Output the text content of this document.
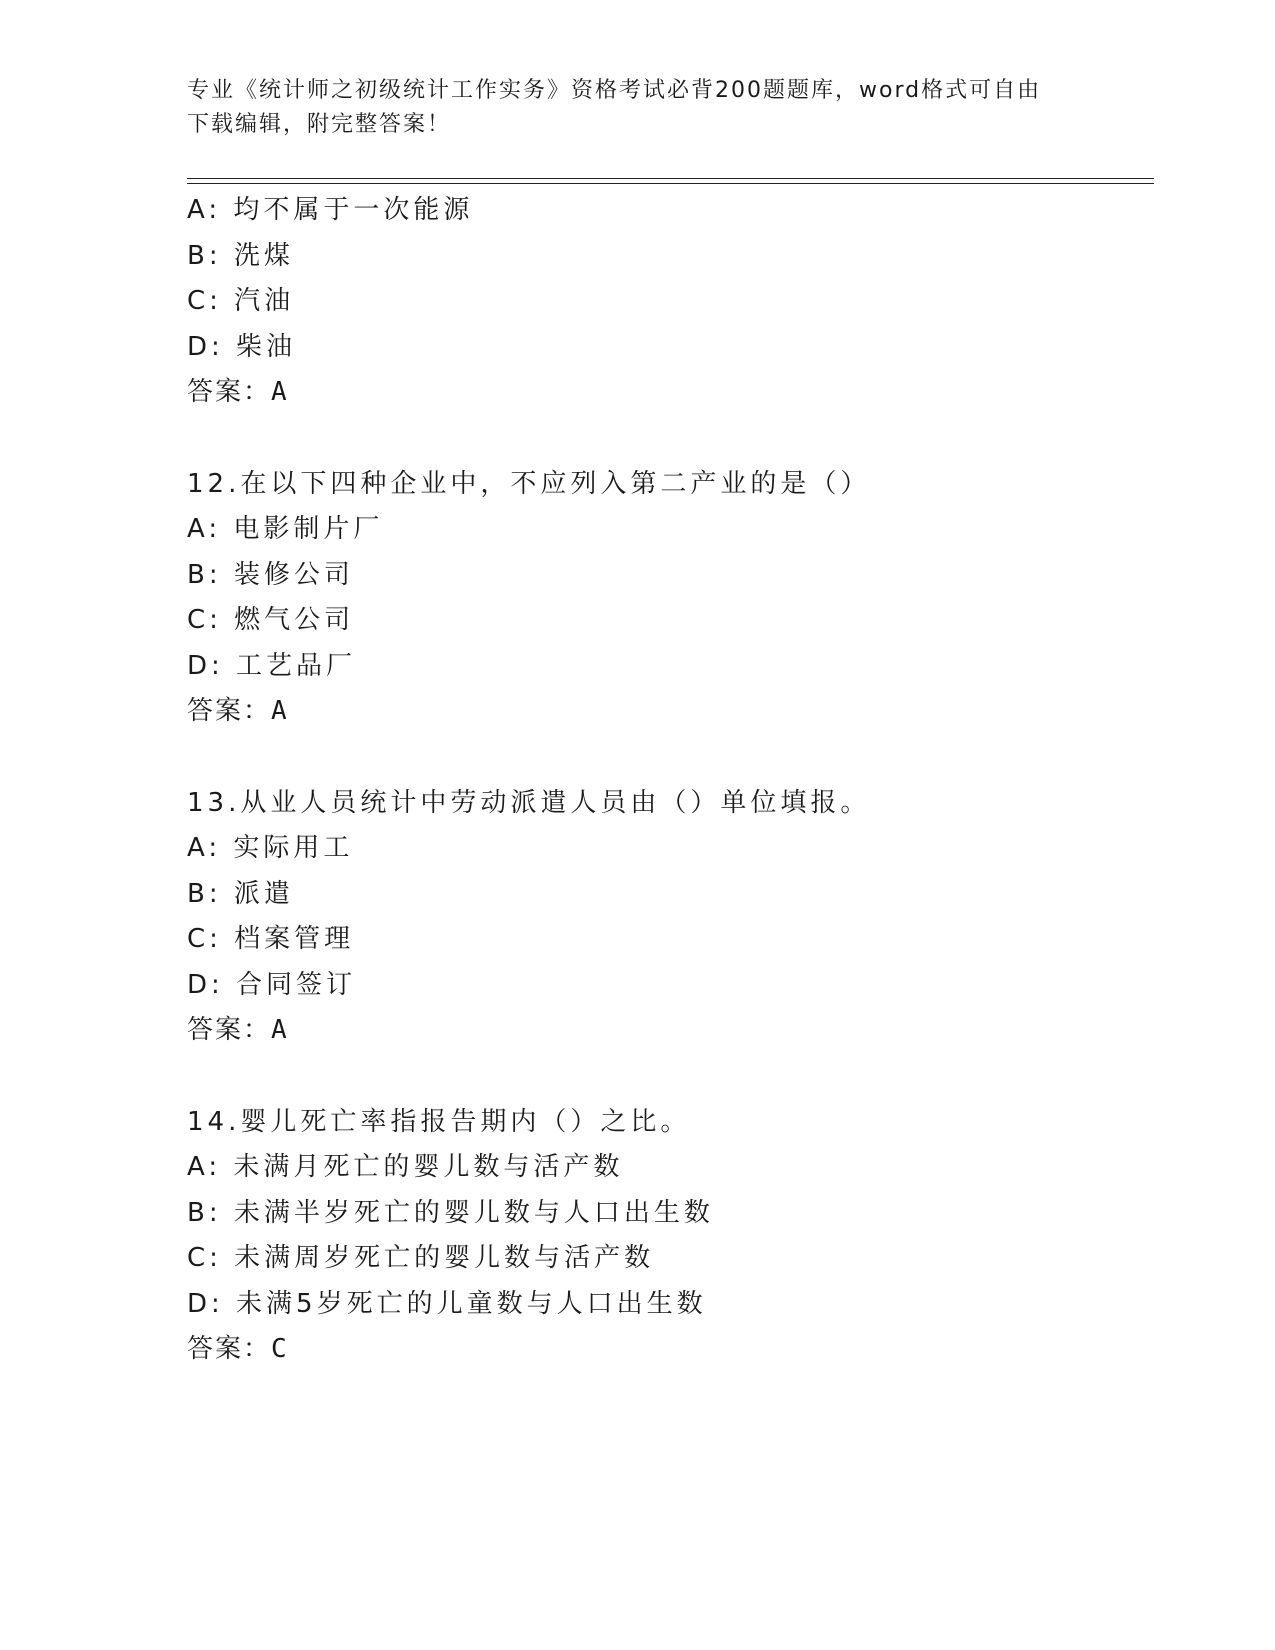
专业《统计师之初级统计工作实务》资格考试必背200题题库，word格式可自由
下载编辑，附完整答案！
A: 均不属于一次能源
B: 洗煤
C: 汽油
D: 柴油
答案：A
12.在以下四种企业中，不应列入第二产业的是（）
A: 电影制片厂
B: 装修公司
C: 燃气公司
D: 工艺品厂
答案：A
13.从业人员统计中劳动派遣人员由（）单位填报。
A: 实际用工
B: 派遣
C: 档案管理
D: 合同签订
答案：A
14.婴儿死亡率指报告期内（）之比。
A: 未满月死亡的婴儿数与活产数
B: 未满半岁死亡的婴儿数与人口出生数
C: 未满周岁死亡的婴儿数与活产数
D: 未满5岁死亡的儿童数与人口出生数
答案：C
